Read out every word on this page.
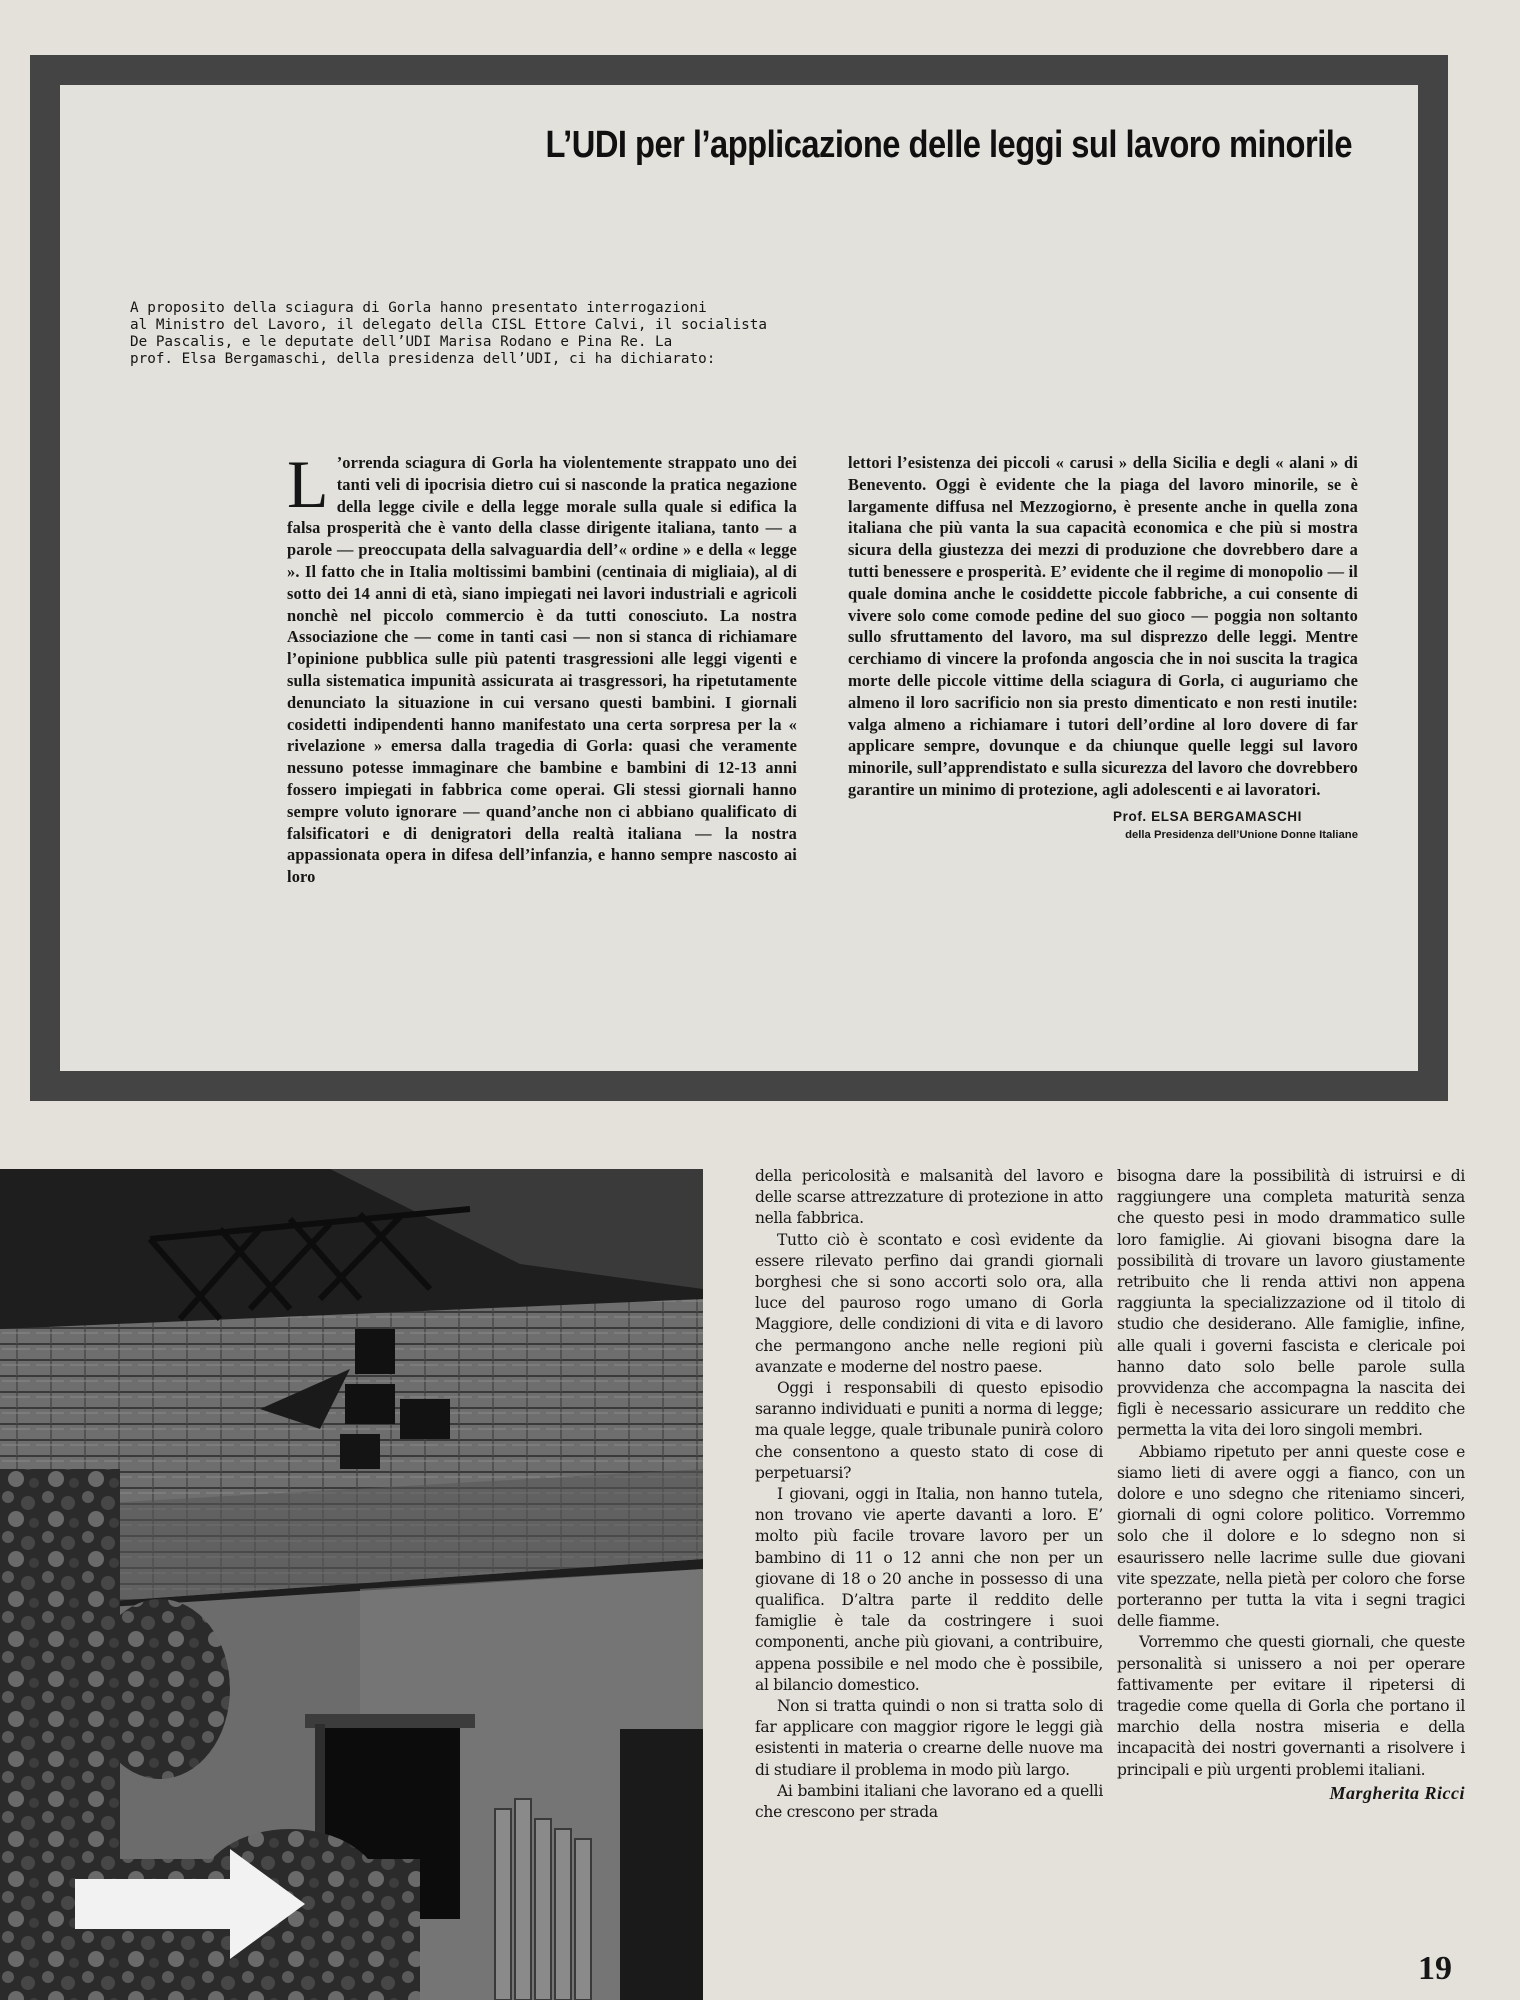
L’UDI per l’applicazione delle leggi sul lavoro minorile

A proposito della sciagura di Gorla hanno presentato interrogazioni

al Ministro del Lavoro, il delegato della CISL Ettore Calvi, il socialista

De Pascalis, e le deputate dell’UDI Marisa Rodano e Pina Re. La

prof. Elsa Bergamaschi, della presidenza dell’UDI, ci ha dichiarato:

L ’orrenda sciagura di Gorla ha violentemente strappato uno dei tanti veli di ipocrisia dietro cui si nasconde la pratica negazione della legge civile e della legge morale sulla quale si edifica la falsa prosperità che è vanto della classe dirigente italiana, tanto — a parole — preoccupata della salvaguardia dell’« ordine » e della « legge ». Il fatto che in Italia moltissimi bambini (centinaia di migliaia), al di sotto dei 14 anni di età, siano impiegati nei lavori industriali e agricoli nonchè nel piccolo commercio è da tutti conosciuto. La nostra Associazione che — come in tanti casi — non si stanca di richiamare l’opinione pubblica sulle più patenti trasgressioni alle leggi vigenti e sulla sistematica impunità assicurata ai trasgressori, ha ripetutamente denunciato la situazione in cui versano questi bambini. I giornali cosidetti indipendenti hanno manifestato una certa sorpresa per la « rivelazione » emersa dalla tragedia di Gorla: quasi che veramente nessuno potesse immaginare che bambine e bambini di 12-13 anni fossero impiegati in fabbrica come operai. Gli stessi giornali hanno sempre voluto ignorare — quand’anche non ci abbiano qualificato di falsificatori e di denigratori della realtà italiana — la nostra appassionata opera in difesa dell’infanzia, e hanno sempre nascosto ai loro

lettori l’esistenza dei piccoli « carusi » della Sicilia e degli « alani » di Benevento. Oggi è evidente che la piaga del lavoro minorile, se è largamente diffusa nel Mezzogiorno, è presente anche in quella zona italiana che più vanta la sua capacità economica e che più si mostra sicura della giustezza dei mezzi di produzione che dovrebbero dare a tutti benessere e prosperità. E’ evidente che il regime di monopolio — il quale domina anche le cosiddette piccole fabbriche, a cui consente di vivere solo come comode pedine del suo gioco — poggia non soltanto sullo sfruttamento del lavoro, ma sul disprezzo delle leggi. Mentre cerchiamo di vincere la profonda angoscia che in noi suscita la tragica morte delle piccole vittime della sciagura di Gorla, ci auguriamo che almeno il loro sacrificio non sia presto dimenticato e non resti inutile: valga almeno a richiamare i tutori dell’ordine al loro dovere di far applicare sempre, dovunque e da chiunque quelle leggi sul lavoro minorile, sull’apprendistato e sulla sicurezza del lavoro che dovrebbero garantire un minimo di protezione, agli adolescenti e ai lavoratori.

Prof. ELSA BERGAMASCHI
della Presidenza dell’Unione Donne Italiane

della pericolosità e malsanità del lavoro e delle scarse attrezzature di protezione in atto nella fabbrica.

Tutto ciò è scontato e così evidente da essere rilevato perfino dai grandi giornali borghesi che si sono accorti solo ora, alla luce del pauroso rogo umano di Gorla Maggiore, delle condizioni di vita e di lavoro che permangono anche nelle regioni più avanzate e moderne del nostro paese.

Oggi i responsabili di questo episodio saranno individuati e puniti a norma di legge; ma quale legge, quale tribunale punirà coloro che consentono a questo stato di cose di perpetuarsi?

I giovani, oggi in Italia, non hanno tutela, non trovano vie aperte davanti a loro. E’ molto più facile trovare lavoro per un bambino di 11 o 12 anni che non per un giovane di 18 o 20 anche in possesso di una qualifica. D’altra parte il reddito delle famiglie è tale da costringere i suoi componenti, anche più giovani, a contribuire, appena possibile e nel modo che è possibile, al bilancio domestico.

Non si tratta quindi o non si tratta solo di far applicare con maggior rigore le leggi già esistenti in materia o crearne delle nuove ma di studiare il problema in modo più largo.

Ai bambini italiani che lavorano ed a quelli che crescono per strada

bisogna dare la possibilità di istruirsi e di raggiungere una completa maturità senza che questo pesi in modo drammatico sulle loro famiglie. Ai giovani bisogna dare la possibilità di trovare un lavoro giustamente retribuito che li renda attivi non appena raggiunta la specializzazione od il titolo di studio che desiderano. Alle famiglie, infine, alle quali i governi fascista e clericale poi hanno dato solo belle parole sulla provvidenza che accompagna la nascita dei figli è necessario assicurare un reddito che permetta la vita dei loro singoli membri.

Abbiamo ripetuto per anni queste cose e siamo lieti di avere oggi a fianco, con un dolore e uno sdegno che riteniamo sinceri, giornali di ogni colore politico. Vorremmo solo che il dolore e lo sdegno non si esaurissero nelle lacrime sulle due giovani vite spezzate, nella pietà per coloro che forse porteranno per tutta la vita i segni tragici delle fiamme.

Vorremmo che questi giornali, che queste personalità si unissero a noi per operare fattivamente per evitare il ripetersi di tragedie come quella di Gorla che portano il marchio della nostra miseria e della incapacità dei nostri governanti a risolvere i principali e più urgenti problemi italiani.

Margherita Ricci

19
